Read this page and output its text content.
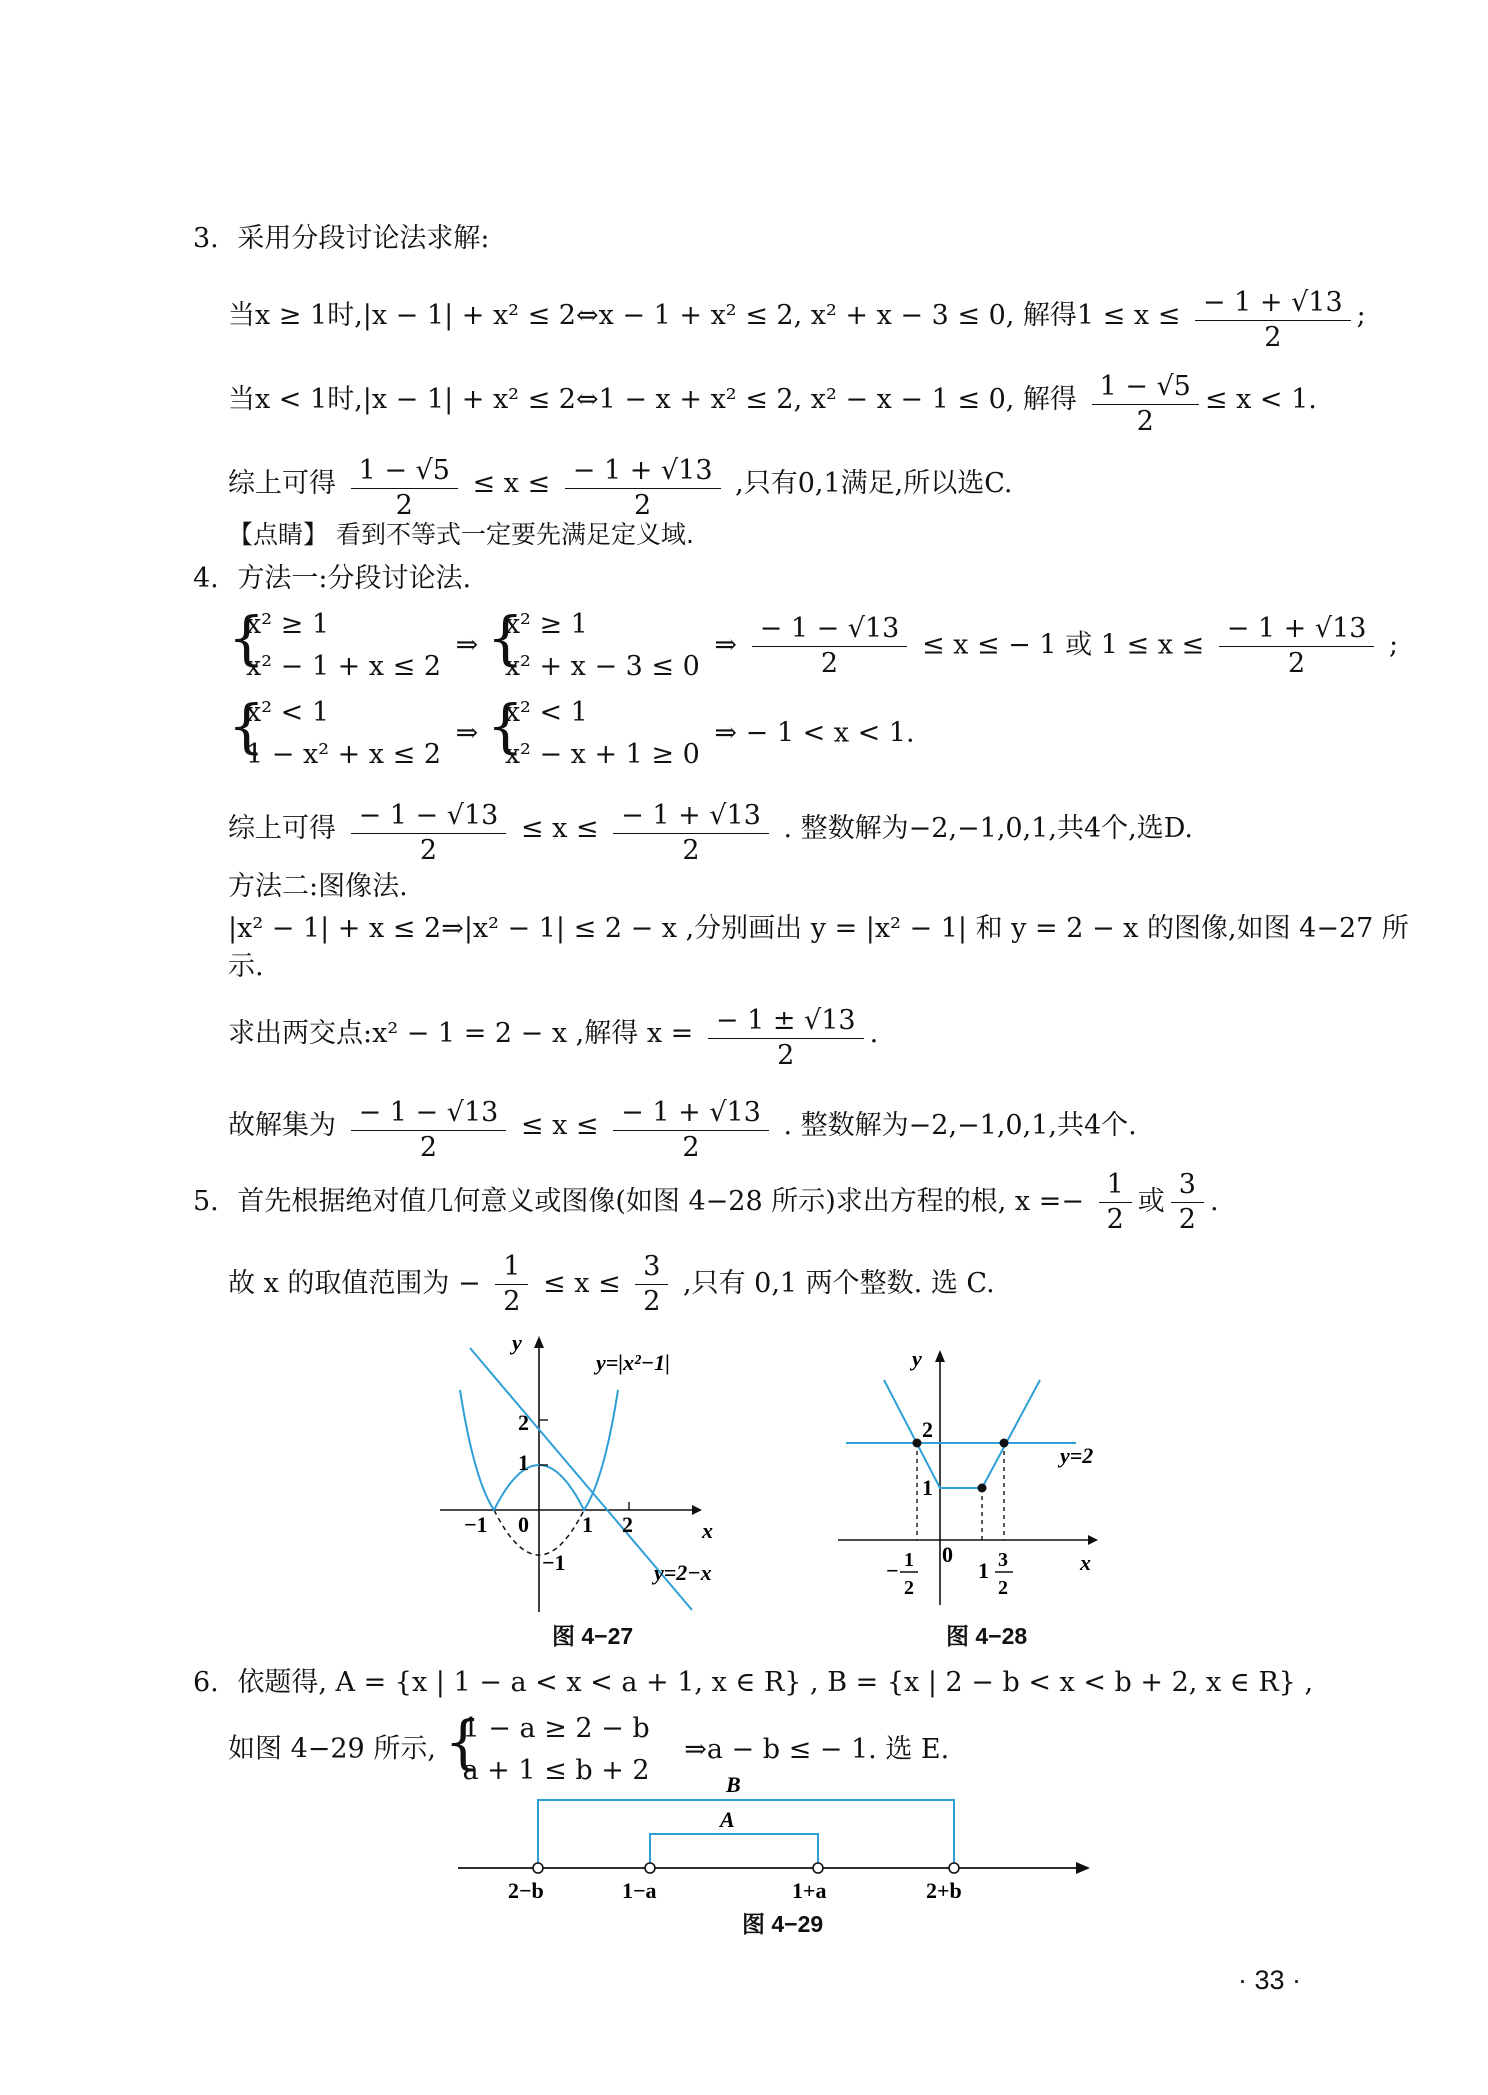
3. 采用分段讨论法求解:
当x ≥ 1时,|x − 1| + x² ≤ 2⇔x − 1 + x² ≤ 2, x² + x − 3 ≤ 0, 解得$1 \le x \le \frac{- 1 + √13}{2}$ ;
当x < 1时,|x − 1| + x² ≤ 2⇔1 − x + x² ≤ 2, x² − x − 1 ≤ 0, 解得 $\frac{1 - √5}{2} \le x < 1$.
综上可得 $\frac{1 - √5}{2} \le x \le \frac{- 1 + √13}{2}$ ,只有0,1满足,所以选C.
【点睛】 看到不等式一定要先满足定义域.
4. 方法一:分段讨论法.
{
x² ≥ 1
x² − 1 + x ≤ 2
⇒ {
x² ≥ 1
x² + x − 3 ≤ 0
⇒ $\frac{- 1 - √13}{2} \le x$ ≤ − 1 或 $1 \le x \le \frac{- 1 + √13}{2}$ ;
{
x² < 1
1 − x² + x ≤ 2
⇒ {
x² < 1
x² − x + 1 ≥ 0
⇒ − 1 < x < 1.
综上可得 $\frac{- 1 - √13}{2} \le x \le \frac{- 1 + √13}{2}$ . 整数解为−2,−1,0,1,共4个,选D.
方法二:图像法.
|x² − 1| + x ≤ 2⇒|x² − 1| ≤ 2 − x ,分别画出 y = |x² − 1| 和 y = 2 − x 的图像,如图 4−27 所
示.
求出两交点:x² − 1 = 2 − x ,解得 $x = \frac{- 1 \pm √13}{2}$ .
故解集为 $\frac{- 1 - √13}{2} \le x \le \frac{- 1 + √13}{2}$ . 整数解为−2,−1,0,1,共4个.
5. 首先根据绝对值几何意义或图像(如图 4−28 所示)求出方程的根, $x =- \frac{1}{2}$ 或 $\frac{3}{2}$ .
故 x 的取值范围为 − $\frac{1}{2} \le x \le \frac{3}{2}$ ,只有 0,1 两个整数. 选 C.
y
x
y=|x²−1|
y=2−x
2
1
−1 0 1 2
−1
图 4−27
y
x
2
1
y=2
0
− 1
2
1 3
2
图 4−28
6. 依题得, A = {x | 1 − a < x < a + 1, x ∈ R} , B = {x | 2 − b < x < b + 2, x ∈ R} ,
如图 4−29 所示, {
1 − a ≥ 2 − b
a + 1 ≤ b + 2
⇒a − b ≤ − 1. 选 E.
B
A
2−b	1−a	1+a	2+b
图 4−29
· 33 ·
